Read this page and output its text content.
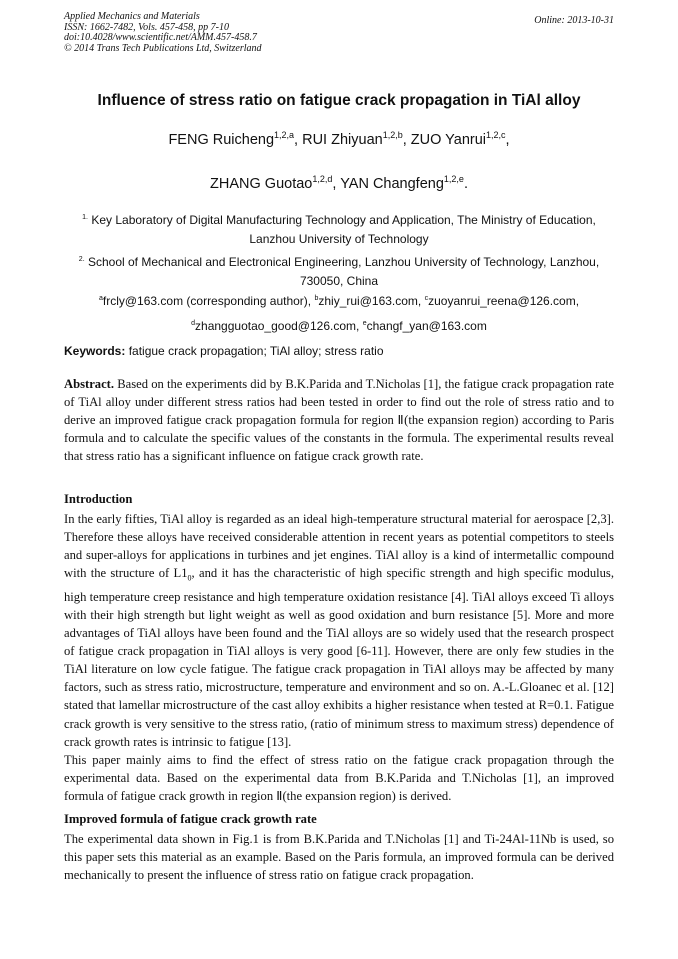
Applied Mechanics and Materials
ISSN: 1662-7482, Vols. 457-458, pp 7-10
doi:10.4028/www.scientific.net/AMM.457-458.7
© 2014 Trans Tech Publications Ltd, Switzerland
Online: 2013-10-31
Influence of stress ratio on fatigue crack propagation in TiAl alloy
FENG Ruicheng$^{1,2,a}$, RUI Zhiyuan$^{1,2,b}$, ZUO Yanrui$^{1,2,c}$,
ZHANG Guotao$^{1,2,d}$, YAN Changfeng$^{1,2,e}$.
$^{1.}$ Key Laboratory of Digital Manufacturing Technology and Application, The Ministry of Education, Lanzhou University of Technology
$^{2.}$ School of Mechanical and Electronical Engineering, Lanzhou University of Technology, Lanzhou, 730050, China
$^a$frcly@163.com (corresponding author), $^b$zhiy_rui@163.com, $^c$zuoyanrui_reena@126.com,
$^d$zhangguotao_good@126.com, $^e$changf_yan@163.com
Keywords: fatigue crack propagation; TiAl alloy; stress ratio

Abstract. Based on the experiments did by B.K.Parida and T.Nicholas [1], the fatigue crack propagation rate of TiAl alloy under different stress ratios had been tested in order to find out the role of stress ratio and to derive an improved fatigue crack propagation formula for region Ⅱ(the expansion region) according to Paris formula and to calculate the specific values of the constants in the formula. The experimental results reveal that stress ratio has a significant influence on fatigue crack growth rate.

Introduction

In the early fifties, TiAl alloy is regarded as an ideal high-temperature structural material for aerospace [2,3]. Therefore these alloys have received considerable attention in recent years as potential competitors to steels and super-alloys for applications in turbines and jet engines. TiAl alloy is a kind of intermetallic compound with the structure of $L1_0$, and it has the characteristic of high specific strength and high specific modulus, high temperature creep resistance and high temperature oxidation resistance [4]. TiAl alloys exceed Ti alloys with their high strength but light weight as well as good oxidation and burn resistance [5]. More and more advantages of TiAl alloys have been found and the TiAl alloys are so widely used that the research prospect of fatigue crack propagation in TiAl alloys is very good [6-11]. However, there are only few studies in the TiAl literature on low cycle fatigue. The fatigue crack propagation in TiAl alloys may be affected by many factors, such as stress ratio, microstructure, temperature and environment and so on. A.-L.Gloanec et al. [12] stated that lamellar microstructure of the cast alloy exhibits a higher resistance when tested at R=0.1. Fatigue crack growth is very sensitive to the stress ratio, (ratio of minimum stress to maximum stress) dependence of crack growth rates is intrinsic to fatigue [13].

This paper mainly aims to find the effect of stress ratio on the fatigue crack propagation through the experimental data. Based on the experimental data from B.K.Parida and T.Nicholas [1], an improved formula of fatigue crack growth in region Ⅱ(the expansion region) is derived.

Improved formula of fatigue crack growth rate

The experimental data shown in Fig.1 is from B.K.Parida and T.Nicholas [1] and Ti-24Al-11Nb is used, so this paper sets this material as an example. Based on the Paris formula, an improved formula can be derived mechanically to present the influence of stress ratio on fatigue crack propagation.
